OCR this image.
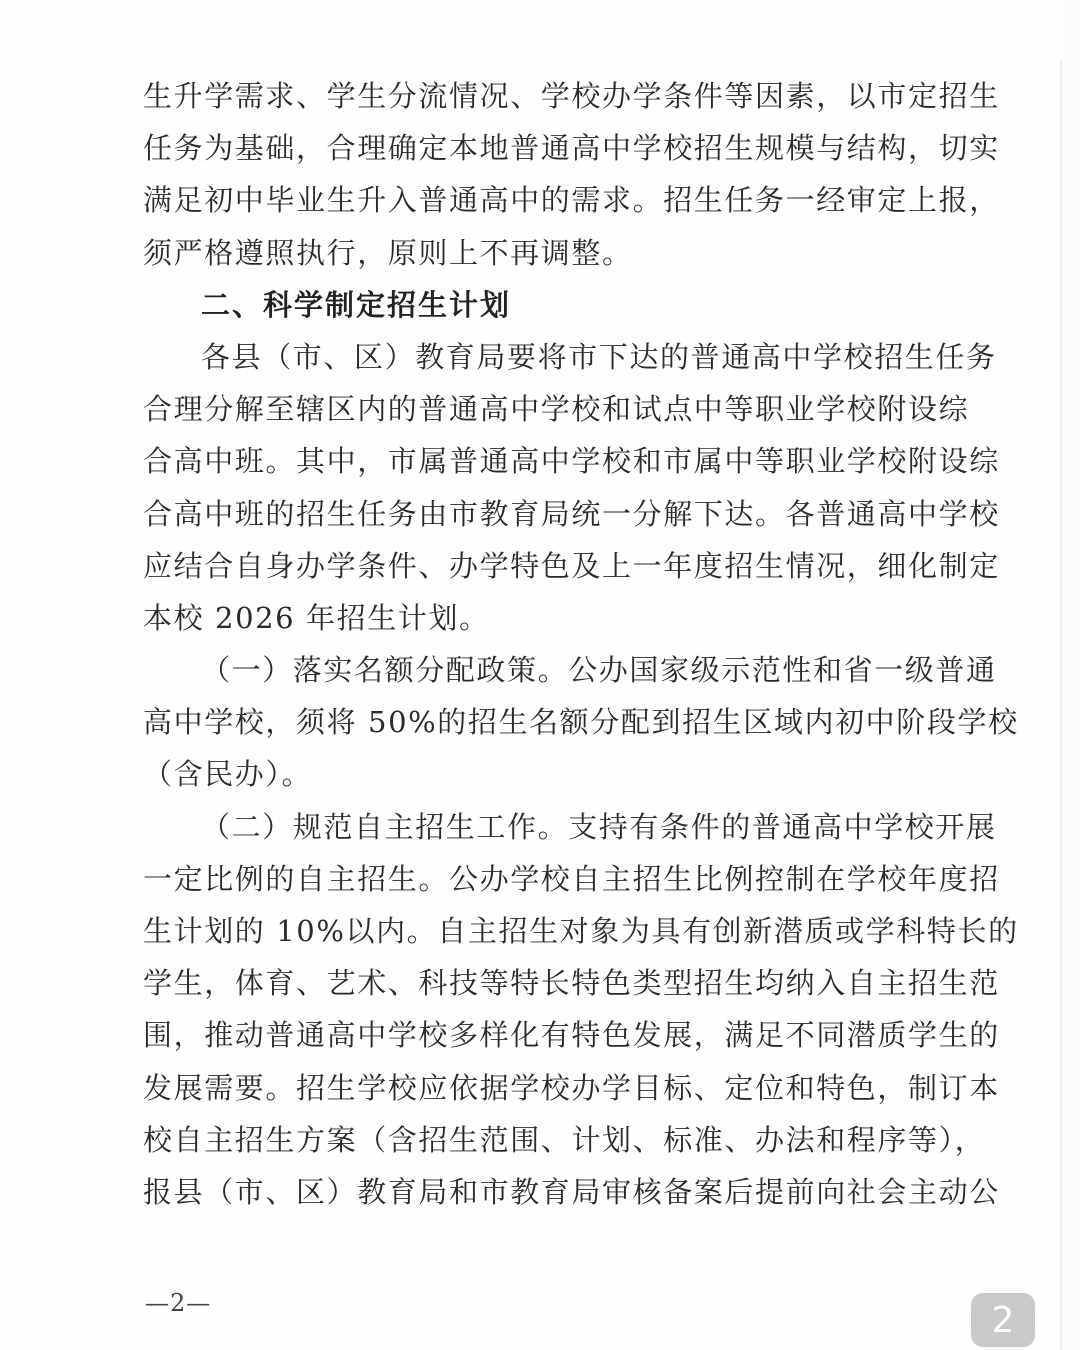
生升学需求、学生分流情况、学校办学条件等因素，以市定招生
任务为基础，合理确定本地普通高中学校招生规模与结构，切实
满足初中毕业生升入普通高中的需求。招生任务一经审定上报，
须严格遵照执行，原则上不再调整。
二、科学制定招生计划
各县（市、区）教育局要将市下达的普通高中学校招生任务
合理分解至辖区内的普通高中学校和试点中等职业学校附设综
合高中班。其中，市属普通高中学校和市属中等职业学校附设综
合高中班的招生任务由市教育局统一分解下达。各普通高中学校
应结合自身办学条件、办学特色及上一年度招生情况，细化制定
本校 2026 年招生计划。
（一）落实名额分配政策。公办国家级示范性和省一级普通
高中学校，须将 50%的招生名额分配到招生区域内初中阶段学校
（含民办）。
（二）规范自主招生工作。支持有条件的普通高中学校开展
一定比例的自主招生。公办学校自主招生比例控制在学校年度招
生计划的 10%以内。自主招生对象为具有创新潜质或学科特长的
学生，体育、艺术、科技等特长特色类型招生均纳入自主招生范
围，推动普通高中学校多样化有特色发展，满足不同潜质学生的
发展需要。招生学校应依据学校办学目标、定位和特色，制订本
校自主招生方案（含招生范围、计划、标准、办法和程序等），
报县（市、区）教育局和市教育局审核备案后提前向社会主动公
—2—	2
